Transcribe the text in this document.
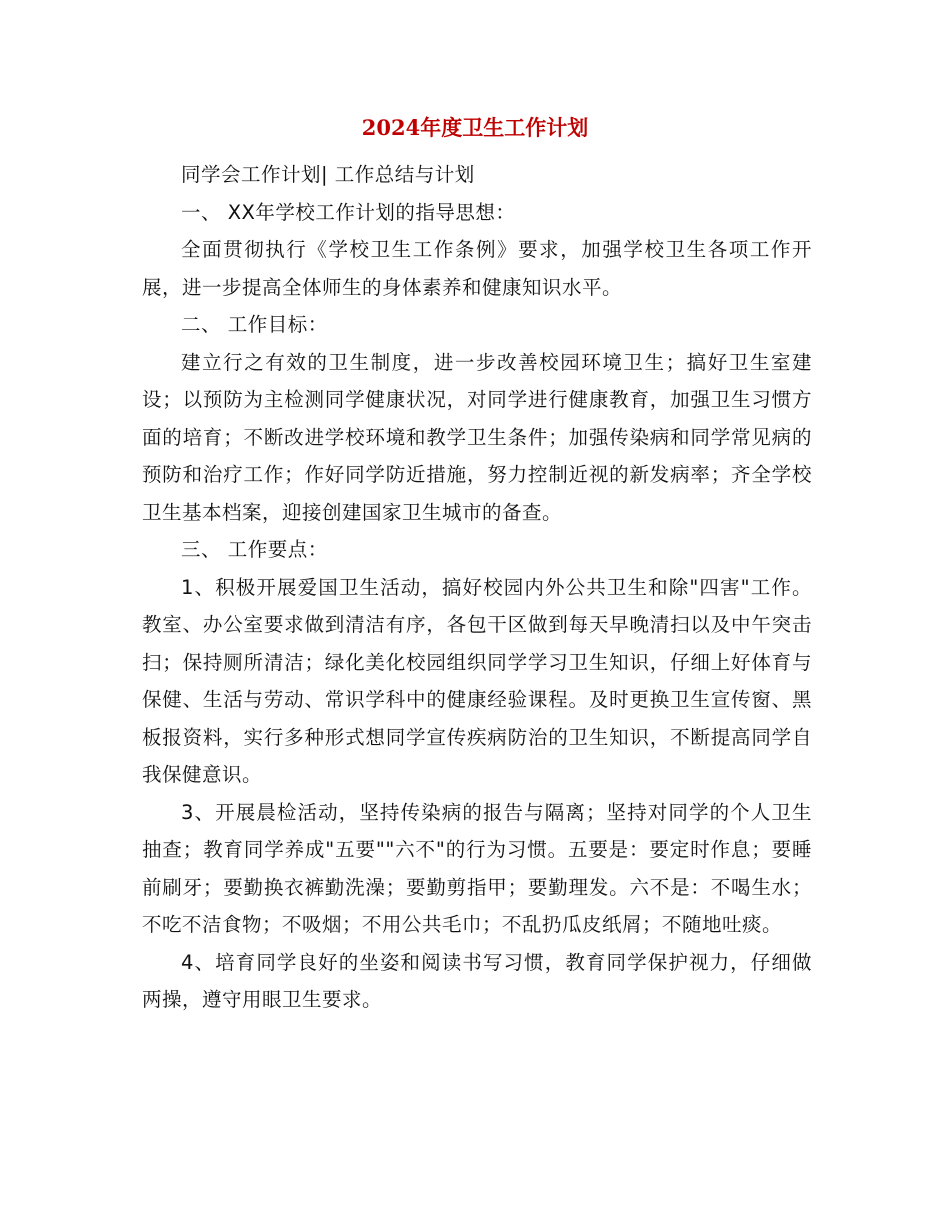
2024年度卫生工作计划

同学会工作计划| 工作总结与计划

一、 XX年学校工作计划的指导思想：

全面贯彻执行《学校卫生工作条例》要求，加强学校卫生各项工作开展，进一步提高全体师生的身体素养和健康知识水平。

二、 工作目标：

建立行之有效的卫生制度，进一步改善校园环境卫生；搞好卫生室建设；以预防为主检测同学健康状况，对同学进行健康教育，加强卫生习惯方面的培育；不断改进学校环境和教学卫生条件；加强传染病和同学常见病的预防和治疗工作；作好同学防近措施，努力控制近视的新发病率；齐全学校卫生基本档案，迎接创建国家卫生城市的备查。

三、 工作要点：

1、积极开展爱国卫生活动，搞好校园内外公共卫生和除"四害"工作。教室、办公室要求做到清洁有序，各包干区做到每天早晚清扫以及中午突击扫；保持厕所清洁；绿化美化校园组织同学学习卫生知识，仔细上好体育与保健、生活与劳动、常识学科中的健康经验课程。及时更换卫生宣传窗、黑板报资料，实行多种形式想同学宣传疾病防治的卫生知识，不断提高同学自我保健意识。

3、开展晨检活动，坚持传染病的报告与隔离；坚持对同学的个人卫生抽查；教育同学养成"五要""六不"的行为习惯。五要是：要定时作息；要睡前刷牙；要勤换衣裤勤洗澡；要勤剪指甲；要勤理发。六不是：不喝生水；不吃不洁食物；不吸烟；不用公共毛巾；不乱扔瓜皮纸屑；不随地吐痰。

4、培育同学良好的坐姿和阅读书写习惯，教育同学保护视力，仔细做两操，遵守用眼卫生要求。
